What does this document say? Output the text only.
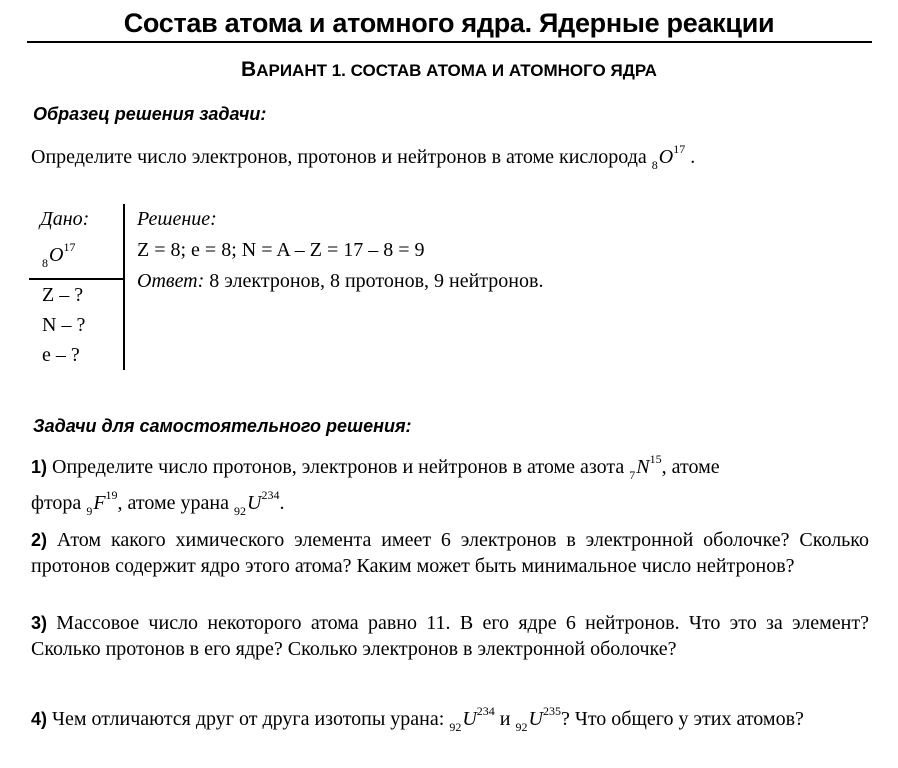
Состав атома и атомного ядра. Ядерные реакции
ВАРИАНТ 1. СОСТАВ АТОМА И АТОМНОГО ЯДРА
Образец решения задачи:
Определите число электронов, протонов и нейтронов в атоме кислорода $_8O^{17}$ .
Дано:
$_8O^{17}$
Z – ?
N – ?
e – ?
Решение:
Z = 8; e = 8; N = A – Z = 17 – 8 = 9
Ответ: 8 электронов, 8 протонов, 9 нейтронов.
Задачи для самостоятельного решения:
1) Определите число протонов, электронов и нейтронов в атоме азота $_7N^{15}$, атоме
фтора $_9F^{19}$, атоме урана $_{92}U^{234}$.
2) Атом какого химического элемента имеет 6 электронов в электронной оболочке? Сколько протонов содержит ядро этого атома? Каким может быть минимальное число нейтронов?
3) Массовое число некоторого атома равно 11. В его ядре 6 нейтронов. Что это за элемент? Сколько протонов в его ядре? Сколько электронов в электронной оболочке?
4) Чем отличаются друг от друга изотопы урана: $_{92}U^{234}$ и $_{92}U^{235}$? Что общего у этих атомов?
